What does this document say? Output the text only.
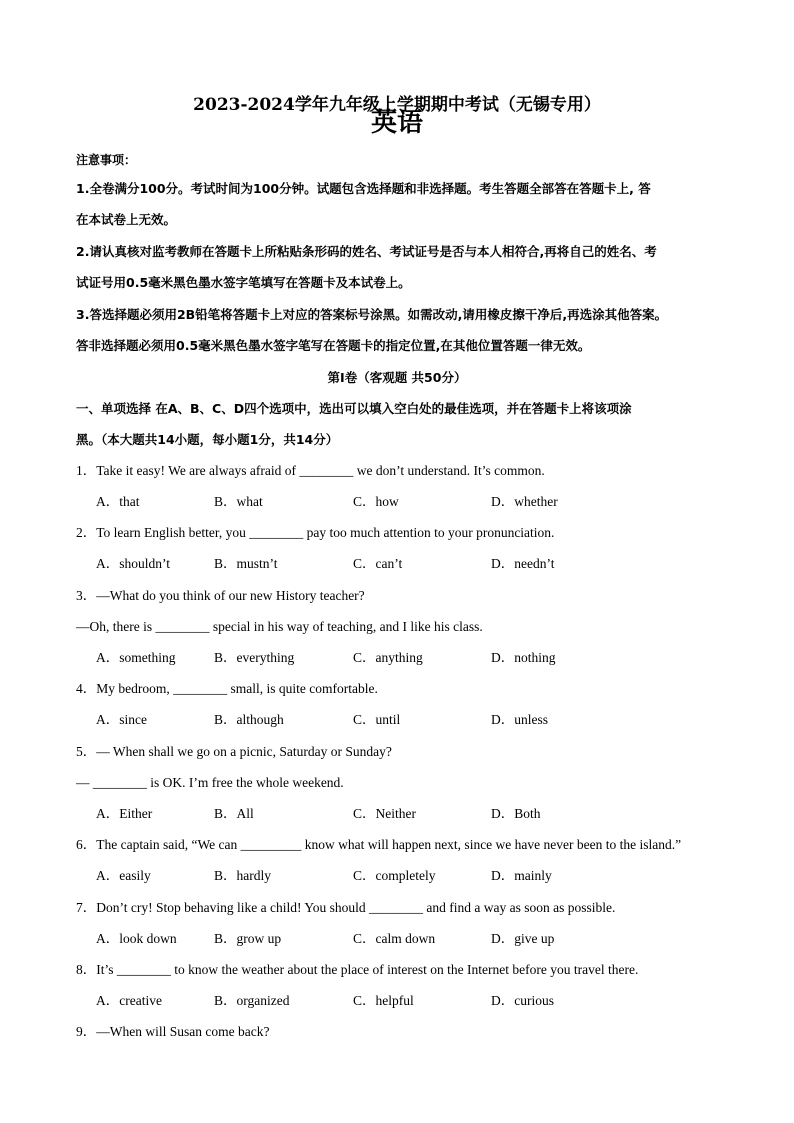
2023-2024学年九年级上学期期中考试（无锡专用）
英语
注意事项：
1.全卷满分100分。考试时间为100分钟。试题包含选择题和非选择题。考生答题全部答在答题卡上, 答
在本试卷上无效。
2.请认真核对监考教师在答题卡上所粘贴条形码的姓名、考试证号是否与本人相符合,再将自己的姓名、考
试证号用0.5毫米黑色墨水签字笔填写在答题卡及本试卷上。
3.答选择题必须用2B铅笔将答题卡上对应的答案标号涂黑。如需改动,请用橡皮擦干净后,再选涂其他答案。
答非选择题必须用0.5毫米黑色墨水签字笔写在答题卡的指定位置,在其他位置答题一律无效。
第I卷（客观题 共50分）
一、单项选择 在A、B、C、D四个选项中，选出可以填入空白处的最佳选项，并在答题卡上将该项涂
黑。（本大题共14小题，每小题1分，共14分）
1．Take it easy! We are always afraid of ________ we don’t understand. It’s common.
A．that	B．what	C．how	D．whether
2．To learn English better, you ________ pay too much attention to your pronunciation.
A．shouldn’t	B．mustn’t	C．can’t	D．needn’t
3．—What do you think of our new History teacher?
—Oh, there is ________ special in his way of teaching, and I like his class.
A．something	B．everything	C．anything	D．nothing
4．My bedroom, ________ small, is quite comfortable.
A．since	B．although	C．until	D．unless
5．— When shall we go on a picnic, Saturday or Sunday?
— ________ is OK. I’m free the whole weekend.
A．Either	B．All	C．Neither	D．Both
6．The captain said, “We can _________ know what will happen next, since we have never been to the island.”
A．easily	B．hardly	C．completely	D．mainly
7．Don’t cry! Stop behaving like a child! You should ________ and find a way as soon as possible.
A．look down	B．grow up	C．calm down	D．give up
8．It’s ________ to know the weather about the place of interest on the Internet before you travel there.
A．creative	B．organized	C．helpful	D．curious
9．—When will Susan come back?
